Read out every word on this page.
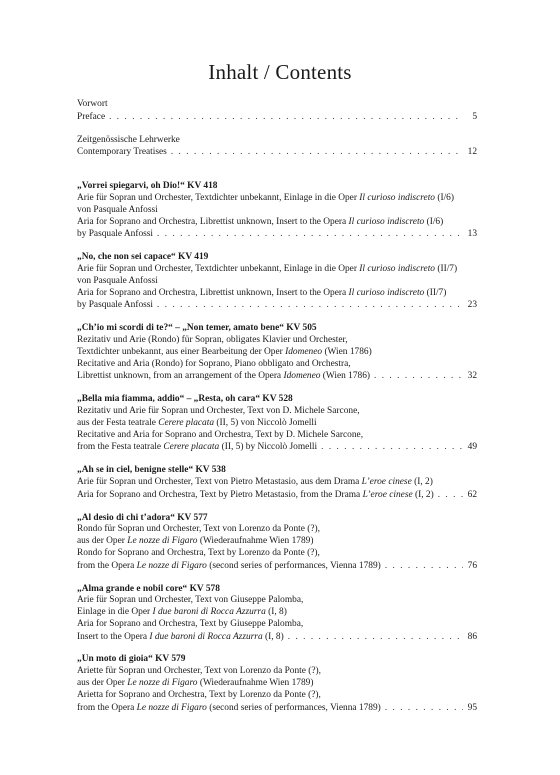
Inhalt / Contents
Vorwort
Preface . . .	5
Zeitgenössische Lehrwerke
Contemporary Treatises . . .	12
„Vorrei spiegarvi, oh Dio!“ KV 418
Arie für Sopran und Orchester, Textdichter unbekannt, Einlage in die Oper Il curioso indiscreto (I/6)
von Pasquale Anfossi
Aria for Soprano and Orchestra, Librettist unknown, Insert to the Opera Il curioso indiscreto (I/6)
by Pasquale Anfossi . . .	13
„No, che non sei capace“ KV 419
Arie für Sopran und Orchester, Textdichter unbekannt, Einlage in die Oper Il curioso indiscreto (II/7)
von Pasquale Anfossi
Aria for Soprano and Orchestra, Librettist unknown, Insert to the Opera Il curioso indiscreto (II/7)
by Pasquale Anfossi . . .	23
„Ch’io mi scordi di te?“ – „Non temer, amato bene“ KV 505
Rezitativ und Arie (Rondo) für Sopran, obligates Klavier und Orchester,
Textdichter unbekannt, aus einer Bearbeitung der Oper Idomeneo (Wien 1786)
Recitative and Aria (Rondo) for Soprano, Piano obbligato and Orchestra,
Librettist unknown, from an arrangement of the Opera Idomeneo (Wien 1786) . . .	32
„Bella mia fiamma, addio“ – „Resta, oh cara“ KV 528
Rezitativ und Arie für Sopran und Orchester, Text von D. Michele Sarcone,
aus der Festa teatrale Cerere placata (II, 5) von Niccolò Jomelli
Recitative and Aria for Soprano and Orchestra, Text by D. Michele Sarcone,
from the Festa teatrale Cerere placata (II, 5) by Niccolò Jomelli . . .	49
„Ah se in ciel, benigne stelle“ KV 538
Arie für Sopran und Orchester, Text von Pietro Metastasio, aus dem Drama L’eroe cinese (I, 2)
Aria for Soprano and Orchestra, Text by Pietro Metastasio, from the Drama L’eroe cinese (I, 2) . . .	62
„Al desio di chi t’adora“ KV 577
Rondo für Sopran und Orchester, Text von Lorenzo da Ponte (?),
aus der Oper Le nozze di Figaro (Wiederaufnahme Wien 1789)
Rondo for Soprano and Orchestra, Text by Lorenzo da Ponte (?),
from the Opera Le nozze di Figaro (second series of performances, Vienna 1789) . . .	76
„Alma grande e nobil core“ KV 578
Arie für Sopran und Orchester, Text von Giuseppe Palomba,
Einlage in die Oper I due baroni di Rocca Azzurra (I, 8)
Aria for Soprano and Orchestra, Text by Giuseppe Palomba,
Insert to the Opera I due baroni di Rocca Azzurra (I, 8) . . .	86
„Un moto di gioia“ KV 579
Ariette für Sopran und Orchester, Text von Lorenzo da Ponte (?),
aus der Oper Le nozze di Figaro (Wiederaufnahme Wien 1789)
Arietta for Soprano and Orchestra, Text by Lorenzo da Ponte (?),
from the Opera Le nozze di Figaro (second series of performances, Vienna 1789) . . .	95
